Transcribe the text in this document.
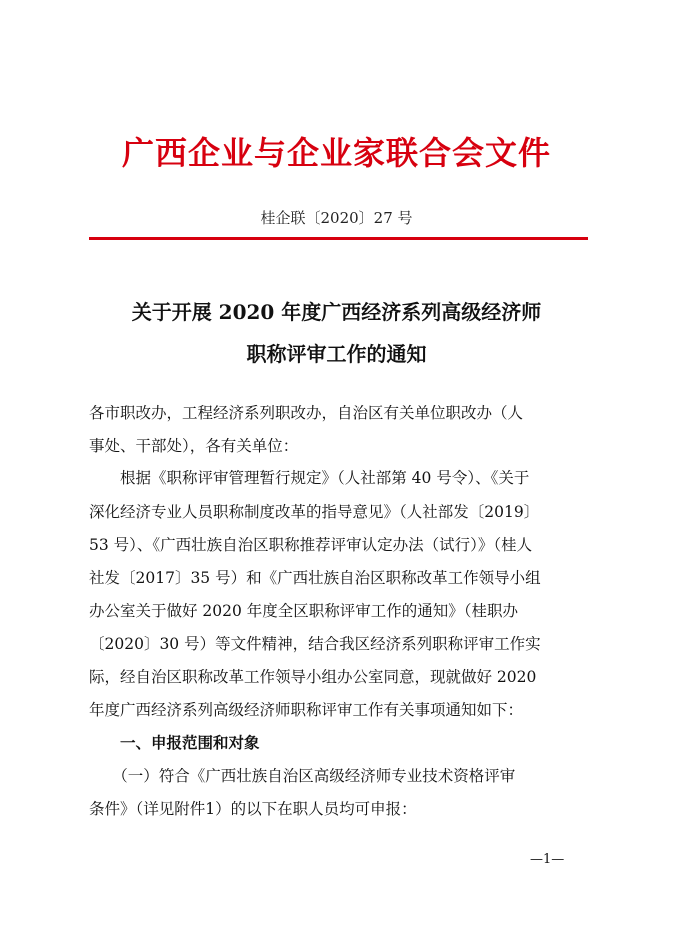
广西企业与企业家联合会文件
桂企联〔2020〕27 号
关于开展 2020 年度广西经济系列高级经济师
职称评审工作的通知
各市职改办，工程经济系列职改办，自治区有关单位职改办（人
事处、干部处），各有关单位：
　　根据《职称评审管理暂行规定》（人社部第 40 号令）、《关于
深化经济专业人员职称制度改革的指导意见》（人社部发〔2019〕
53 号）、《广西壮族自治区职称推荐评审认定办法（试行）》（桂人
社发〔2017〕35 号）和《广西壮族自治区职称改革工作领导小组
办公室关于做好 2020 年度全区职称评审工作的通知》（桂职办
〔2020〕30 号）等文件精神，结合我区经济系列职称评审工作实
际，经自治区职称改革工作领导小组办公室同意，现就做好 2020
年度广西经济系列高级经济师职称评审工作有关事项通知如下：
　　一、申报范围和对象
　　（一）符合《广西壮族自治区高级经济师专业技术资格评审
条件》（详见附件1）的以下在职人员均可申报：
—1—
